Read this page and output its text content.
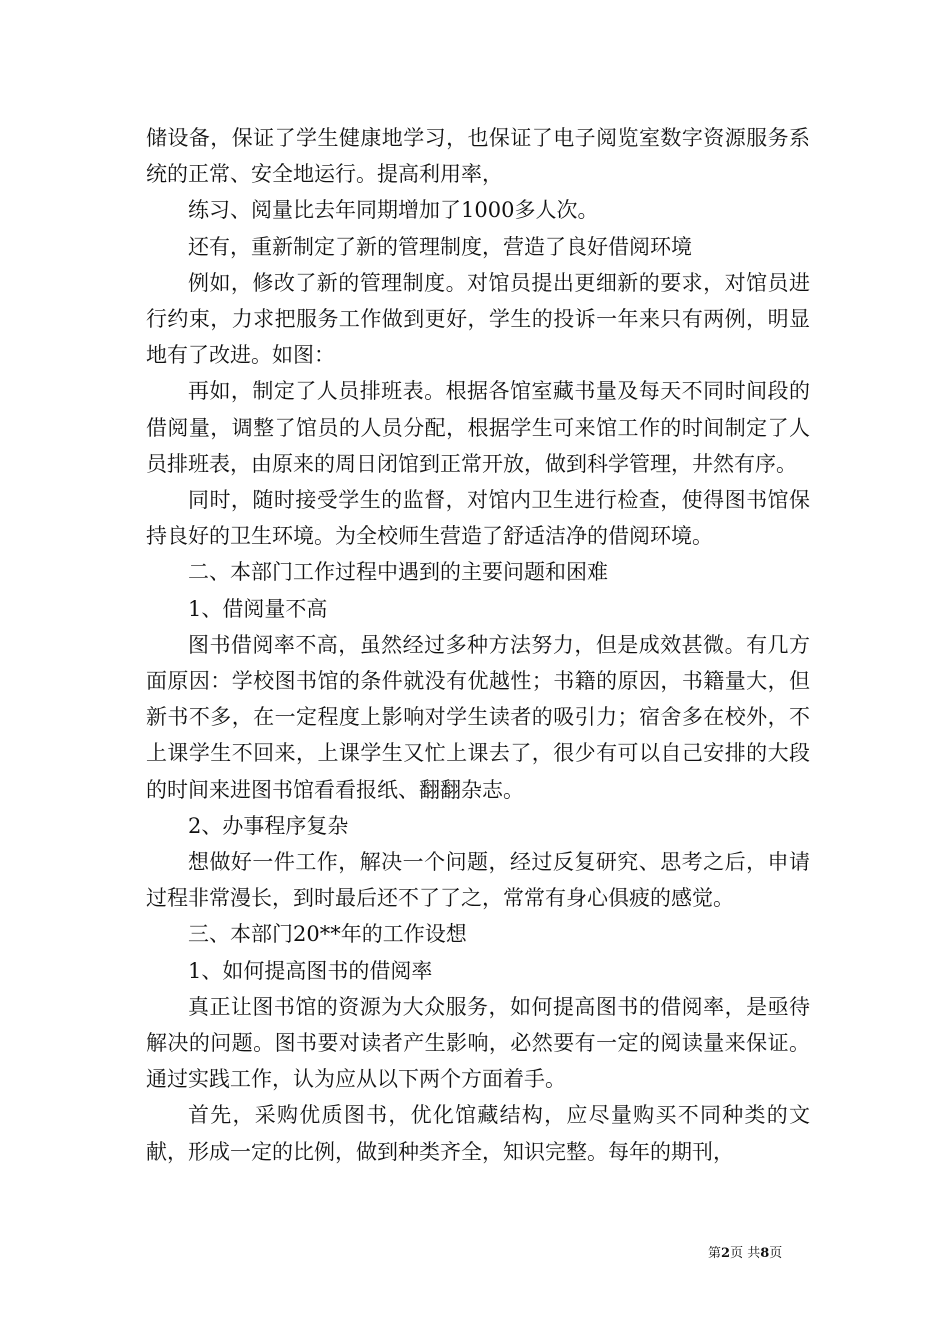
储设备，保证了学生健康地学习，也保证了电子阅览室数字资源服务系统的正常、安全地运行。提高利用率，

练习、阅量比去年同期增加了1000多人次。

还有，重新制定了新的管理制度，营造了良好借阅环境

例如，修改了新的管理制度。对馆员提出更细新的要求，对馆员进行约束，力求把服务工作做到更好，学生的投诉一年来只有两例，明显地有了改进。如图：

再如，制定了人员排班表。根据各馆室藏书量及每天不同时间段的借阅量，调整了馆员的人员分配，根据学生可来馆工作的时间制定了人员排班表，由原来的周日闭馆到正常开放，做到科学管理，井然有序。

同时，随时接受学生的监督，对馆内卫生进行检查，使得图书馆保持良好的卫生环境。为全校师生营造了舒适洁净的借阅环境。

二、本部门工作过程中遇到的主要问题和困难

1、借阅量不高

图书借阅率不高，虽然经过多种方法努力，但是成效甚微。有几方面原因：学校图书馆的条件就没有优越性；书籍的原因，书籍量大，但新书不多，在一定程度上影响对学生读者的吸引力；宿舍多在校外，不上课学生不回来，上课学生又忙上课去了，很少有可以自己安排的大段的时间来进图书馆看看报纸、翻翻杂志。

2、办事程序复杂

想做好一件工作，解决一个问题，经过反复研究、思考之后，申请过程非常漫长，到时最后还不了了之，常常有身心俱疲的感觉。

三、本部门20**年的工作设想

1、如何提高图书的借阅率

真正让图书馆的资源为大众服务，如何提高图书的借阅率，是亟待解决的问题。图书要对读者产生影响，必然要有一定的阅读量来保证。通过实践工作，认为应从以下两个方面着手。

首先，采购优质图书，优化馆藏结构，应尽量购买不同种类的文献，形成一定的比例，做到种类齐全，知识完整。每年的期刊，

第2页 共8页
